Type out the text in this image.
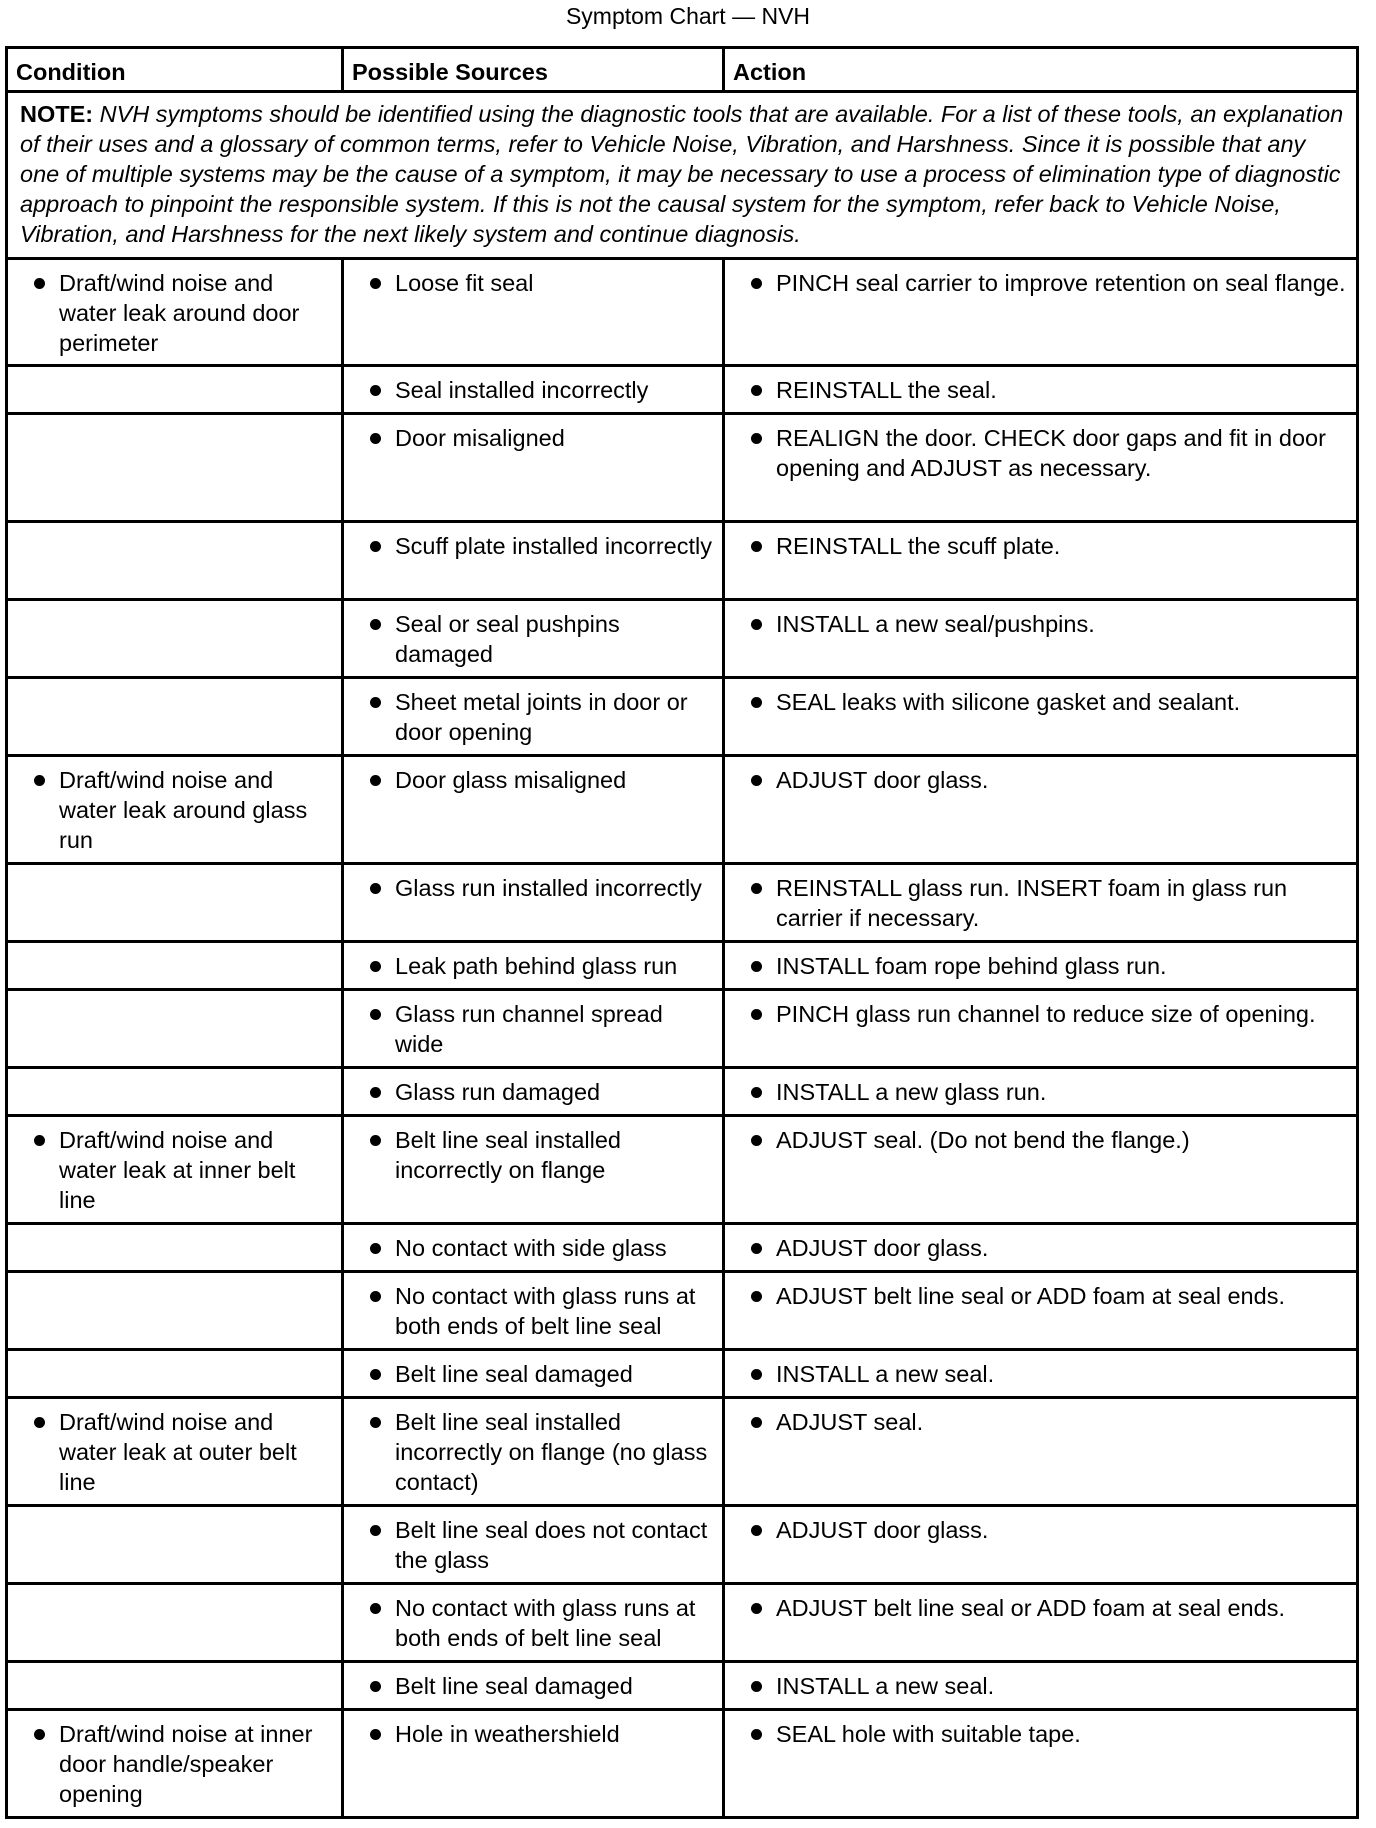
Symptom Chart — NVH
Condition	Possible Sources	Action
NOTE: NVH symptoms should be identified using the diagnostic tools that are available. For a list of these tools, an explanation of their uses and a glossary of common terms, refer to Vehicle Noise, Vibration, and Harshness. Since it is possible that any one of multiple systems may be the cause of a symptom, it may be necessary to use a process of elimination type of diagnostic approach to pinpoint the responsible system. If this is not the causal system for the symptom, refer back to Vehicle Noise, Vibration, and Harshness for the next likely system and continue diagnosis.		

Draft/wind noise and water leak around door perimeter	Loose fit seal	PINCH seal carrier to improve retention on seal flange.

	Seal installed incorrectly	REINSTALL the seal.

	Door misaligned	REALIGN the door. CHECK door gaps and fit in door opening and ADJUST as necessary.

	Scuff plate installed incorrectly	REINSTALL the scuff plate.

	Seal or seal pushpins damaged	INSTALL a new seal/pushpins.

	Sheet metal joints in door or door opening	SEAL leaks with silicone gasket and sealant.

Draft/wind noise and water leak around glass run	Door glass misaligned	ADJUST door glass.

	Glass run installed incorrectly	REINSTALL glass run. INSERT foam in glass run carrier if necessary.

	Leak path behind glass run	INSTALL foam rope behind glass run.

	Glass run channel spread wide	PINCH glass run channel to reduce size of opening.

	Glass run damaged	INSTALL a new glass run.

Draft/wind noise and water leak at inner belt line	Belt line seal installed incorrectly on flange	ADJUST seal. (Do not bend the flange.)

	No contact with side glass	ADJUST door glass.

	No contact with glass runs at both ends of belt line seal	ADJUST belt line seal or ADD foam at seal ends.

	Belt line seal damaged	INSTALL a new seal.

Draft/wind noise and water leak at outer belt line	Belt line seal installed incorrectly on flange (no glass contact)	ADJUST seal.

	Belt line seal does not contact the glass	ADJUST door glass.

	No contact with glass runs at both ends of belt line seal	ADJUST belt line seal or ADD foam at seal ends.

	Belt line seal damaged	INSTALL a new seal.

Draft/wind noise at inner door handle/speaker opening	Hole in weathershield	SEAL hole with suitable tape.
